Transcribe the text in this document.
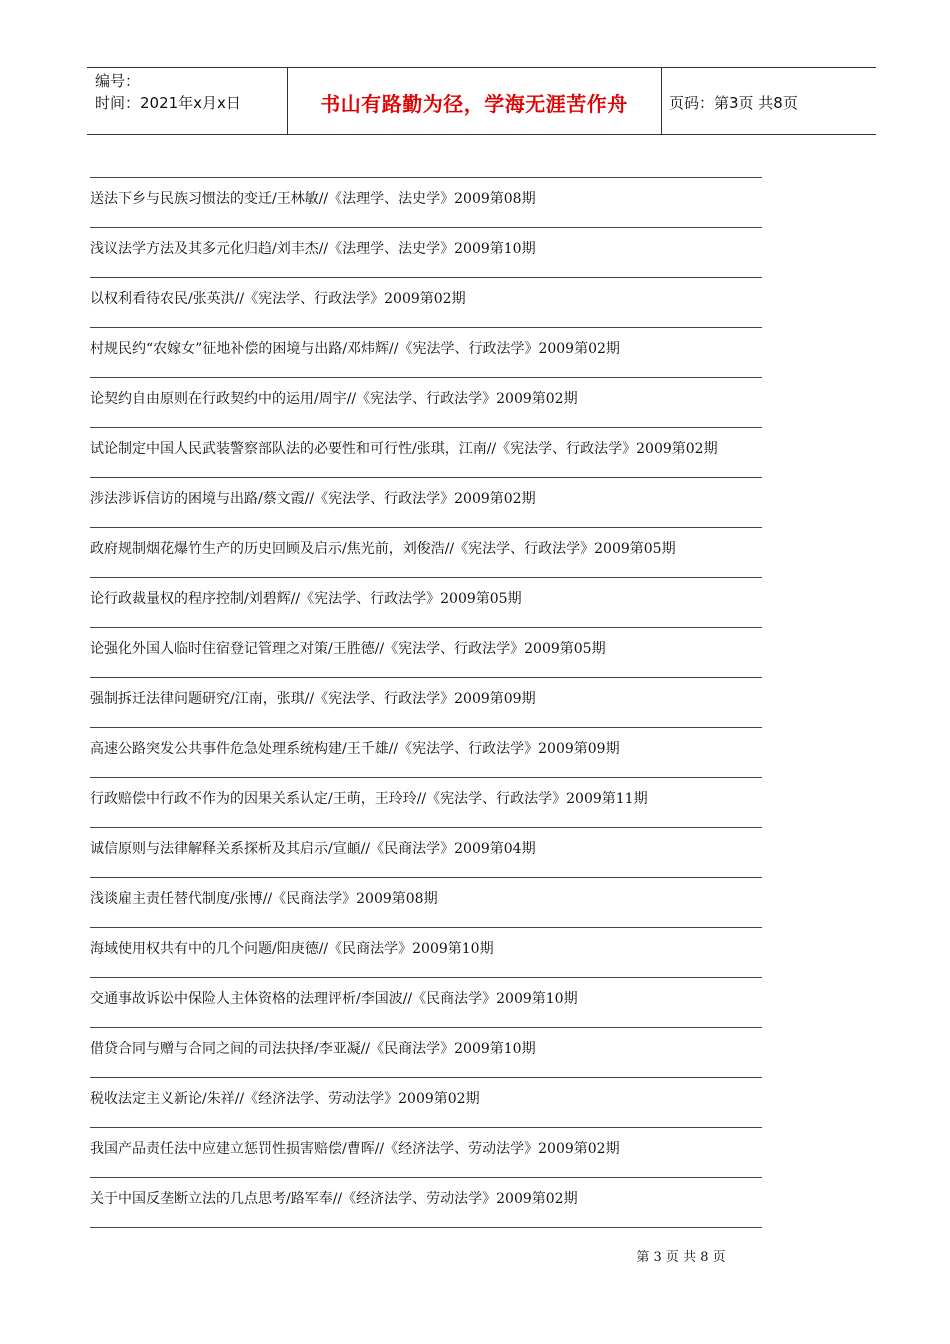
编号：
时间：2021年x月x日	书山有路勤为径，学海无涯苦作舟	页码：第3页 共8页
送法下乡与民族习惯法的变迁/王林敏//《法理学、法史学》2009第08期
浅议法学方法及其多元化归趋/刘丰杰//《法理学、法史学》2009第10期
以权利看待农民/张英洪//《宪法学、行政法学》2009第02期
村规民约“农嫁女”征地补偿的困境与出路/邓炜辉//《宪法学、行政法学》2009第02期
论契约自由原则在行政契约中的运用/周宇//《宪法学、行政法学》2009第02期
试论制定中国人民武装警察部队法的必要性和可行性/张琪，江南//《宪法学、行政法学》2009第02期
涉法涉诉信访的困境与出路/蔡文霞//《宪法学、行政法学》2009第02期
政府规制烟花爆竹生产的历史回顾及启示/焦光前，刘俊浩//《宪法学、行政法学》2009第05期
论行政裁量权的程序控制/刘碧辉//《宪法学、行政法学》2009第05期
论强化外国人临时住宿登记管理之对策/王胜德//《宪法学、行政法学》2009第05期
强制拆迁法律问题研究/江南，张琪//《宪法学、行政法学》2009第09期
高速公路突发公共事件危急处理系统构建/王千雄//《宪法学、行政法学》2009第09期
行政赔偿中行政不作为的因果关系认定/王萌，王玲玲//《宪法学、行政法学》2009第11期
诚信原则与法律解释关系探析及其启示/宣頔//《民商法学》2009第04期
浅谈雇主责任替代制度/张博//《民商法学》2009第08期
海域使用权共有中的几个问题/阳庚德//《民商法学》2009第10期
交通事故诉讼中保险人主体资格的法理评析/李国波//《民商法学》2009第10期
借贷合同与赠与合同之间的司法抉择/李亚凝//《民商法学》2009第10期
税收法定主义新论/朱祥//《经济法学、劳动法学》2009第02期
我国产品责任法中应建立惩罚性损害赔偿/曹晖//《经济法学、劳动法学》2009第02期
关于中国反垄断立法的几点思考/路军奉//《经济法学、劳动法学》2009第02期
第 3 页 共 8 页
